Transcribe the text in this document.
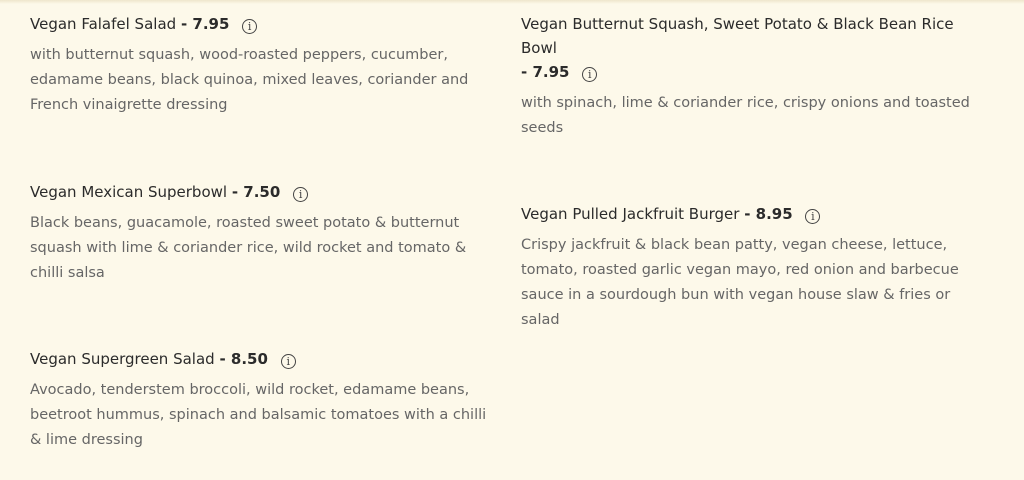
Vegan Falafel Salad - 7.95 i
with butternut squash, wood-roasted peppers, cucumber, edamame beans, black quinoa, mixed leaves, coriander and French vinaigrette dressing
Vegan Mexican Superbowl - 7.50 i
Black beans, guacamole, roasted sweet potato & butternut squash with lime & coriander rice, wild rocket and tomato & chilli salsa
Vegan Supergreen Salad - 8.50 i
Avocado, tenderstem broccoli, wild rocket, edamame beans, beetroot hummus, spinach and balsamic tomatoes with a chilli & lime dressing
Vegan Butternut Squash, Sweet Potato & Black Bean Rice Bowl
- 7.95 i
with spinach, lime & coriander rice, crispy onions and toasted seeds
Vegan Pulled Jackfruit Burger - 8.95 i
Crispy jackfruit & black bean patty, vegan cheese, lettuce, tomato, roasted garlic vegan mayo, red onion and barbecue sauce in a sourdough bun with vegan house slaw & fries or salad
